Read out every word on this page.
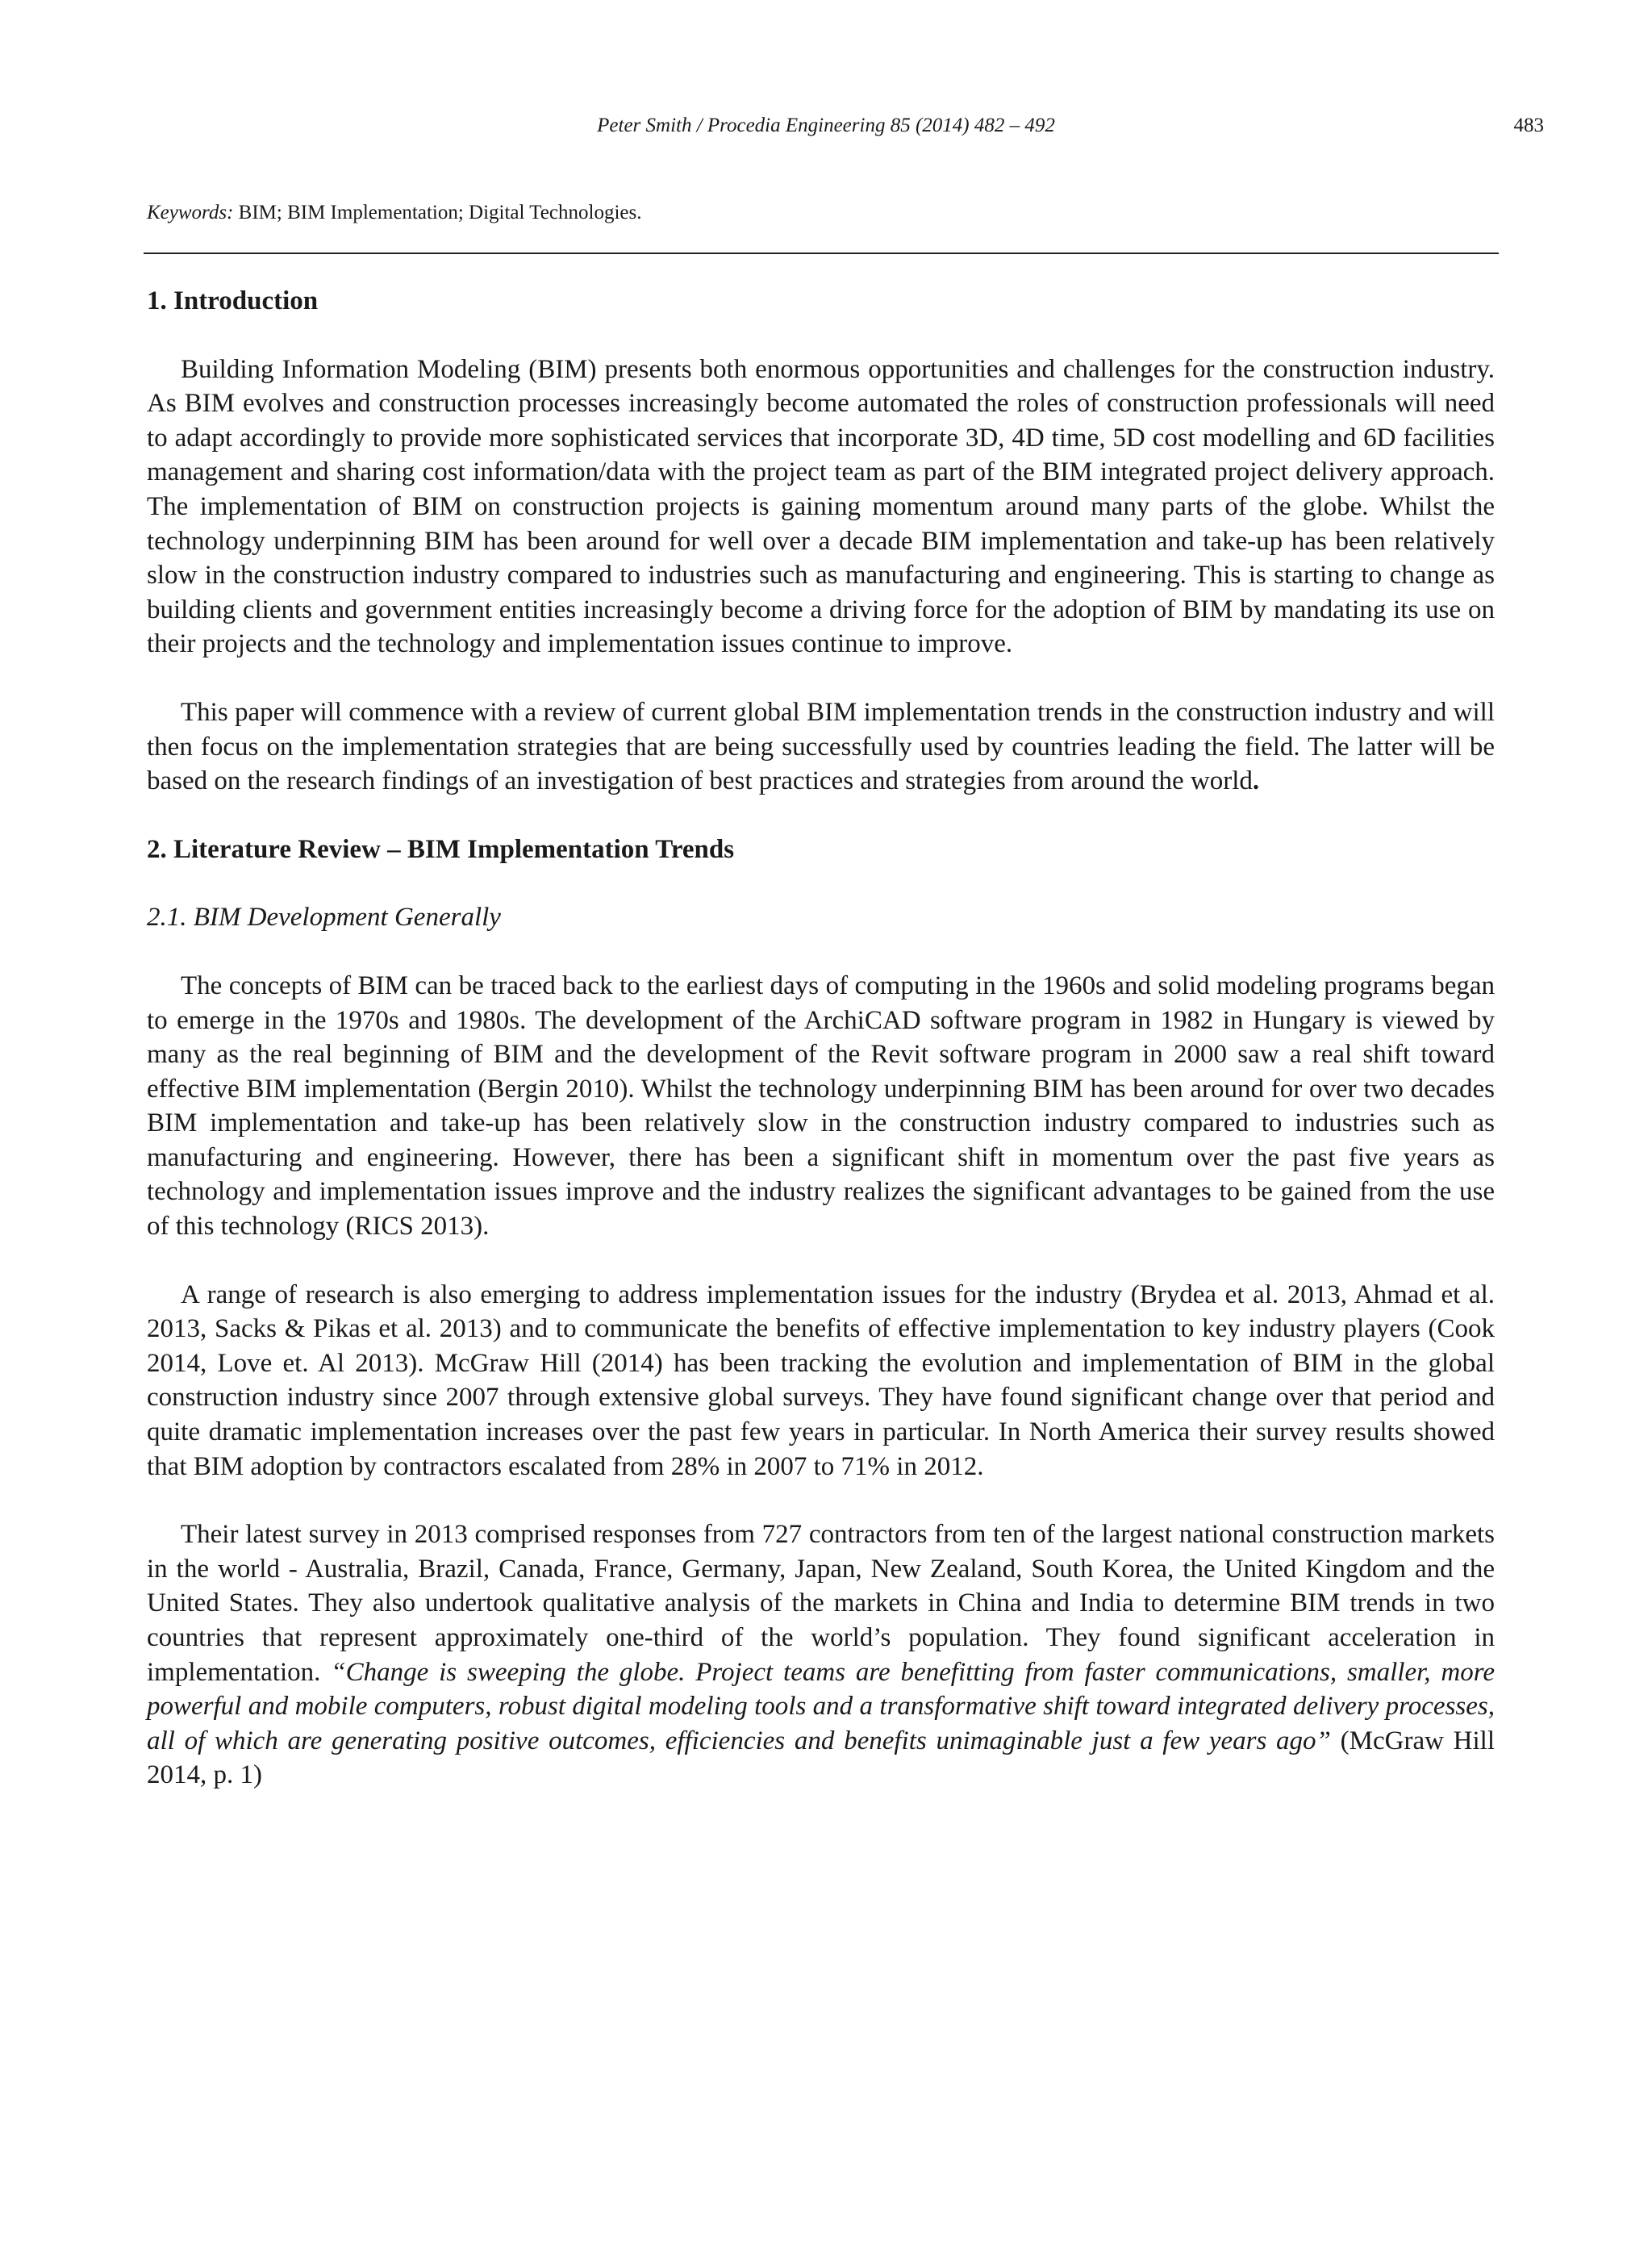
Peter Smith / Procedia Engineering 85 (2014) 482 – 492	483
Keywords: BIM; BIM Implementation; Digital Technologies.
1. Introduction

Building Information Modeling (BIM) presents both enormous opportunities and challenges for the construction industry. As BIM evolves and construction processes increasingly become automated the roles of construction professionals will need to adapt accordingly to provide more sophisticated services that incorporate 3D, 4D time, 5D cost modelling and 6D facilities management and sharing cost information/data with the project team as part of the BIM integrated project delivery approach. The implementation of BIM on construction projects is gaining momentum around many parts of the globe. Whilst the technology underpinning BIM has been around for well over a decade BIM implementation and take-up has been relatively slow in the construction industry compared to industries such as manufacturing and engineering. This is starting to change as building clients and government entities increasingly become a driving force for the adoption of BIM by mandating its use on their projects and the technology and implementation issues continue to improve.

This paper will commence with a review of current global BIM implementation trends in the construction industry and will then focus on the implementation strategies that are being successfully used by countries leading the field. The latter will be based on the research findings of an investigation of best practices and strategies from around the world.

2. Literature Review – BIM Implementation Trends
2.1. BIM Development Generally

The concepts of BIM can be traced back to the earliest days of computing in the 1960s and solid modeling programs began to emerge in the 1970s and 1980s. The development of the ArchiCAD software program in 1982 in Hungary is viewed by many as the real beginning of BIM and the development of the Revit software program in 2000 saw a real shift toward effective BIM implementation (Bergin 2010). Whilst the technology underpinning BIM has been around for over two decades BIM implementation and take-up has been relatively slow in the construction industry compared to industries such as manufacturing and engineering. However, there has been a significant shift in momentum over the past five years as technology and implementation issues improve and the industry realizes the significant advantages to be gained from the use of this technology (RICS 2013).

A range of research is also emerging to address implementation issues for the industry (Brydea et al. 2013, Ahmad et al. 2013, Sacks & Pikas et al. 2013) and to communicate the benefits of effective implementation to key industry players (Cook 2014, Love et. Al 2013). McGraw Hill (2014) has been tracking the evolution and implementation of BIM in the global construction industry since 2007 through extensive global surveys. They have found significant change over that period and quite dramatic implementation increases over the past few years in particular. In North America their survey results showed that BIM adoption by contractors escalated from 28% in 2007 to 71% in 2012.

Their latest survey in 2013 comprised responses from 727 contractors from ten of the largest national construction markets in the world - Australia, Brazil, Canada, France, Germany, Japan, New Zealand, South Korea, the United Kingdom and the United States. They also undertook qualitative analysis of the markets in China and India to determine BIM trends in two countries that represent approximately one-third of the world’s population. They found significant acceleration in implementation. “Change is sweeping the globe. Project teams are benefitting from faster communications, smaller, more powerful and mobile computers, robust digital modeling tools and a transformative shift toward integrated delivery processes, all of which are generating positive outcomes, efficiencies and benefits unimaginable just a few years ago” (McGraw Hill 2014, p. 1)
